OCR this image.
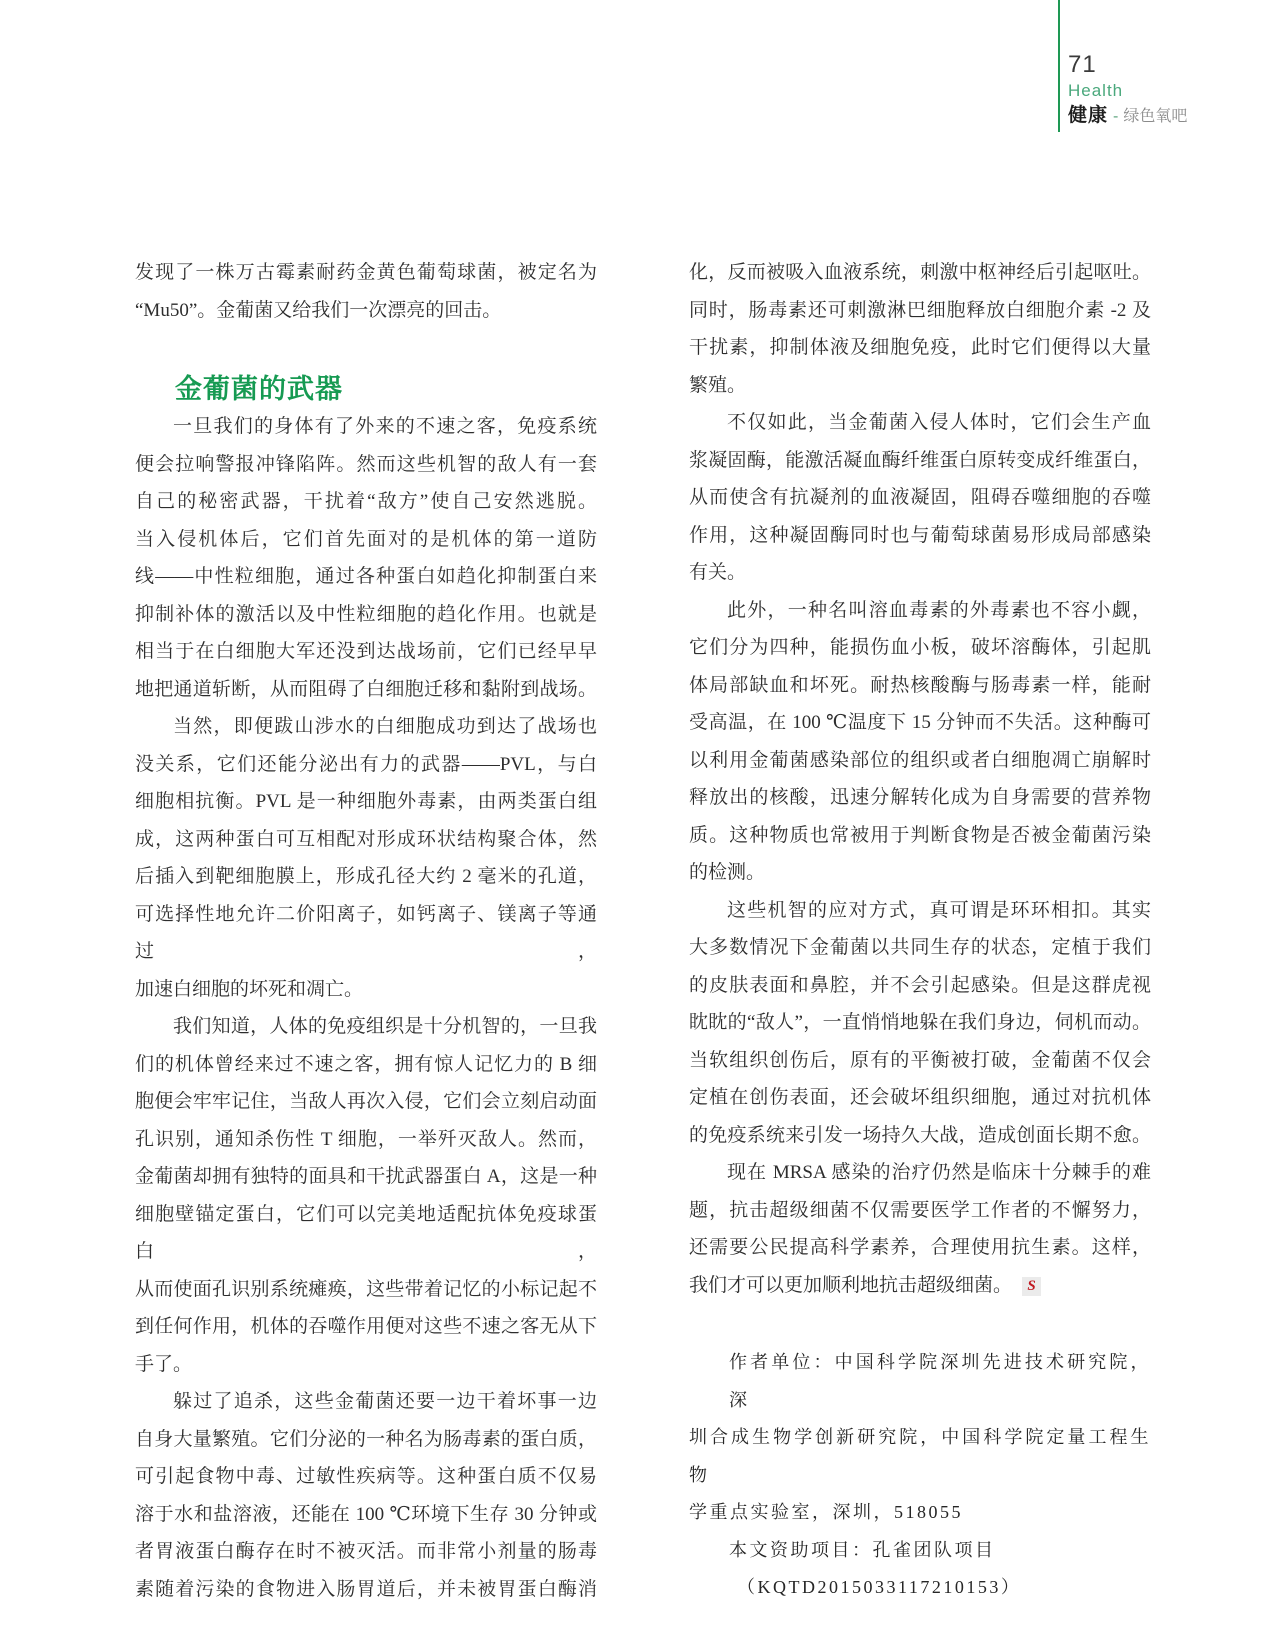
71
Health
健康 - 绿色氧吧
发现了一株万古霉素耐药金黄色葡萄球菌，被定名为
“Mu50”。金葡菌又给我们一次漂亮的回击。
金葡菌的武器
一旦我们的身体有了外来的不速之客，免疫系统
便会拉响警报冲锋陷阵。然而这些机智的敌人有一套
自己的秘密武器，干扰着“敌方”使自己安然逃脱。
当入侵机体后，它们首先面对的是机体的第一道防
线——中性粒细胞，通过各种蛋白如趋化抑制蛋白来
抑制补体的激活以及中性粒细胞的趋化作用。也就是
相当于在白细胞大军还没到达战场前，它们已经早早
地把通道斩断，从而阻碍了白细胞迁移和黏附到战场。
当然，即便跋山涉水的白细胞成功到达了战场也
没关系，它们还能分泌出有力的武器——PVL，与白
细胞相抗衡。PVL 是一种细胞外毒素，由两类蛋白组
成，这两种蛋白可互相配对形成环状结构聚合体，然
后插入到靶细胞膜上，形成孔径大约 2 毫米的孔道，
可选择性地允许二价阳离子，如钙离子、镁离子等通过，
加速白细胞的坏死和凋亡。
我们知道，人体的免疫组织是十分机智的，一旦我
们的机体曾经来过不速之客，拥有惊人记忆力的 B 细
胞便会牢牢记住，当敌人再次入侵，它们会立刻启动面
孔识别，通知杀伤性 T 细胞，一举歼灭敌人。然而，
金葡菌却拥有独特的面具和干扰武器蛋白 A，这是一种
细胞壁锚定蛋白，它们可以完美地适配抗体免疫球蛋白，
从而使面孔识别系统瘫痪，这些带着记忆的小标记起不
到任何作用，机体的吞噬作用便对这些不速之客无从下
手了。
躲过了追杀，这些金葡菌还要一边干着坏事一边
自身大量繁殖。它们分泌的一种名为肠毒素的蛋白质，
可引起食物中毒、过敏性疾病等。这种蛋白质不仅易
溶于水和盐溶液，还能在 100 ℃环境下生存 30 分钟或
者胃液蛋白酶存在时不被灭活。而非常小剂量的肠毒
素随着污染的食物进入肠胃道后，并未被胃蛋白酶消
化，反而被吸入血液系统，刺激中枢神经后引起呕吐。
同时，肠毒素还可刺激淋巴细胞释放白细胞介素 -2 及
干扰素，抑制体液及细胞免疫，此时它们便得以大量
繁殖。
不仅如此，当金葡菌入侵人体时，它们会生产血
浆凝固酶，能激活凝血酶纤维蛋白原转变成纤维蛋白，
从而使含有抗凝剂的血液凝固，阻碍吞噬细胞的吞噬
作用，这种凝固酶同时也与葡萄球菌易形成局部感染
有关。
此外，一种名叫溶血毒素的外毒素也不容小觑，
它们分为四种，能损伤血小板，破坏溶酶体，引起肌
体局部缺血和坏死。耐热核酸酶与肠毒素一样，能耐
受高温，在 100 ℃温度下 15 分钟而不失活。这种酶可
以利用金葡菌感染部位的组织或者白细胞凋亡崩解时
释放出的核酸，迅速分解转化成为自身需要的营养物
质。这种物质也常被用于判断食物是否被金葡菌污染
的检测。
这些机智的应对方式，真可谓是环环相扣。其实
大多数情况下金葡菌以共同生存的状态，定植于我们
的皮肤表面和鼻腔，并不会引起感染。但是这群虎视
眈眈的“敌人”，一直悄悄地躲在我们身边，伺机而动。
当软组织创伤后，原有的平衡被打破，金葡菌不仅会
定植在创伤表面，还会破坏组织细胞，通过对抗机体
的免疫系统来引发一场持久大战，造成创面长期不愈。
现在 MRSA 感染的治疗仍然是临床十分棘手的难
题，抗击超级细菌不仅需要医学工作者的不懈努力，
还需要公民提高科学素养，合理使用抗生素。这样，
我们才可以更加顺利地抗击超级细菌。 S
作者单位：中国科学院深圳先进技术研究院，深
圳合成生物学创新研究院，中国科学院定量工程生物
学重点实验室，深圳，518055
本文资助项目：孔雀团队项目
（KQTD2015033117210153）
